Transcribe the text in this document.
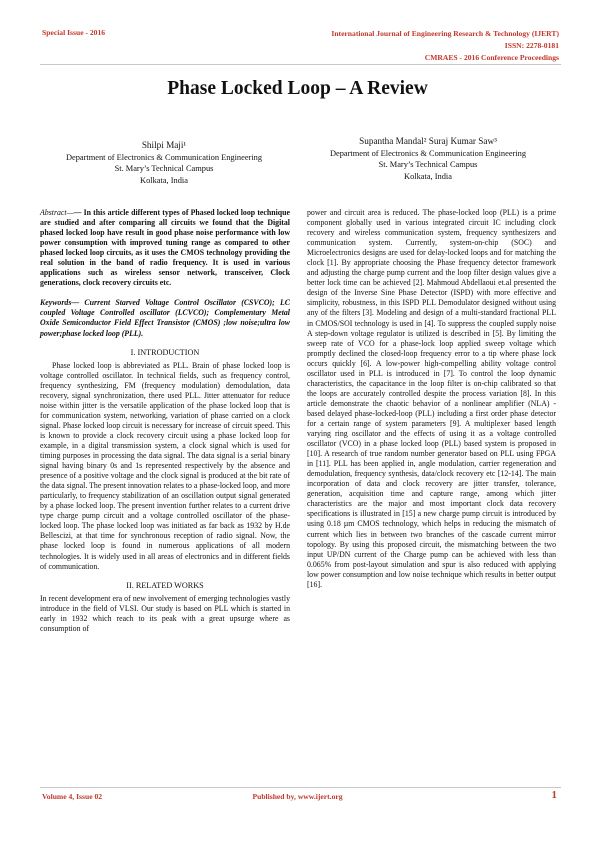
Special Issue - 2016	International Journal of Engineering Research & Technology (IJERT)
ISSN: 2278-0181
CMRAES - 2016 Conference Proceedings
Phase Locked Loop – A Review
Shilpi Maji¹
Department of Electronics & Communication Engineering
St. Mary’s Technical Campus
Kolkata, India
Supantha Mandal² Suraj Kumar Saw³
Department of Electronics & Communication Engineering
St. Mary’s Technical Campus
Kolkata, India

Abstract—— In this article different types of Phased locked loop technique are studied and after comparing all circuits we found that the Digital phased locked loop have result in good phase noise performance with low power consumption with improved tuning range as compared to other phased locked loop circuits, as it uses the CMOS technology providing the real solution in the band of radio frequency. It is used in various applications such as wireless sensor network, transceiver, Clock generations, clock recovery circuits etc.

Keywords— Current Starved Voltage Control Oscillator (CSVCO); LC coupled Voltage Controlled oscillator (LCVCO); Complementary Metal Oxide Semiconductor Field Effect Transistor (CMOS) ;low noise;ultra low power;phase locked loop (PLL).

I. INTRODUCTION

Phase locked loop is abbreviated as PLL. Brain of phase locked loop is voltage controlled oscillator. In technical fields, such as frequency control, frequency synthesizing, FM (frequency modulation) demodulation, data recovery, signal synchronization, there used PLL. Jitter attenuator for reduce noise within jitter is the versatile application of the phase locked loop that is for communication system, networking, variation of phase carried on a clock signal. Phase locked loop circuit is necessary for increase of circuit speed. This is known to provide a clock recovery circuit using a phase locked loop for example, in a digital transmission system, a clock signal which is used for timing purposes in processing the data signal. The data signal is a serial binary signal having binary 0s and 1s represented respectively by the absence and presence of a positive voltage and the clock signal is produced at the bit rate of the data signal. The present innovation relates to a phase-locked loop, and more particularly, to frequency stabilization of an oscillation output signal generated by a phase locked loop. The present invention further relates to a current drive type charge pump circuit and a voltage controlled oscillator of the phase-locked loop. The phase locked loop was initiated as far back as 1932 by H.de Bellescizi, at that time for synchronous reception of radio signal. Now, the phase locked loop is found in numerous applications of all modern technologies. It is widely used in all areas of electronics and in different fields of communication.

II. RELATED WORKS

In recent development era of new involvement of emerging technologies vastly introduce in the field of VLSI. Our study is based on PLL which is started in early in 1932 which reach to its peak with a great upsurge where as consumption of

power and circuit area is reduced. The phase-locked loop (PLL) is a prime component globally used in various integrated circuit IC including clock recovery and wireless communication system, frequency synthesizers and communication system. Currently, system-on-chip (SOC) and Microelectronics designs are used for delay-locked loops and for matching the clock [1]. By appropriate choosing the Phase frequency detector framework and adjusting the charge pump current and the loop filter design values give a better lock time can be achieved [2]. Mahmoud Abdellaoui et.al presented the design of the Inverse Sine Phase Detector (ISPD) with more effective and simplicity, robustness, in this ISPD PLL Demodulator designed without using any of the filters [3]. Modeling and design of a multi-standard fractional PLL in CMOS/SOI technology is used in [4]. To suppress the coupled supply noise A step-down voltage regulator is utilized is described in [5]. By limiting the sweep rate of VCO for a phase-lock loop applied sweep voltage which promptly declined the closed-loop frequency error to a tip where phase lock occurs quickly [6]. A low-power high-compelling ability voltage control oscillator used in PLL is introduced in [7]. To control the loop dynamic characteristics, the capacitance in the loop filter is on-chip calibrated so that the loops are accurately controlled despite the process variation [8]. In this article demonstrate the chaotic behavior of a nonlinear amplifier (NLA) - based delayed phase-locked-loop (PLL) including a first order phase detector for a certain range of system parameters [9]. A multiplexer based length varying ring oscillator and the effects of using it as a voltage controlled oscillator (VCO) in a phase locked loop (PLL) based system is proposed in [10]. A research of true random number generator based on PLL using FPGA in [11]. PLL has been applied in, angle modulation, carrier regeneration and demodulation, frequency synthesis, data/clock recovery etc [12-14]. The main incorporation of data and clock recovery are jitter transfer, tolerance, generation, acquisition time and capture range, among which jitter characteristics are the major and most important clock data recovery specifications is illustrated in [15] a new charge pump circuit is introduced by using 0.18 µm CMOS technology, which helps in reducing the mismatch of current which lies in between two branches of the cascade current mirror topology. By using this proposed circuit, the mismatching between the two input UP/DN current of the Charge pump can be achieved with less than 0.065% from post-layout simulation and spur is also reduced with applying low power consumption and low noise technique which results in better output [16].

Volume 4, Issue 02	Published by, www.ijert.org	1
